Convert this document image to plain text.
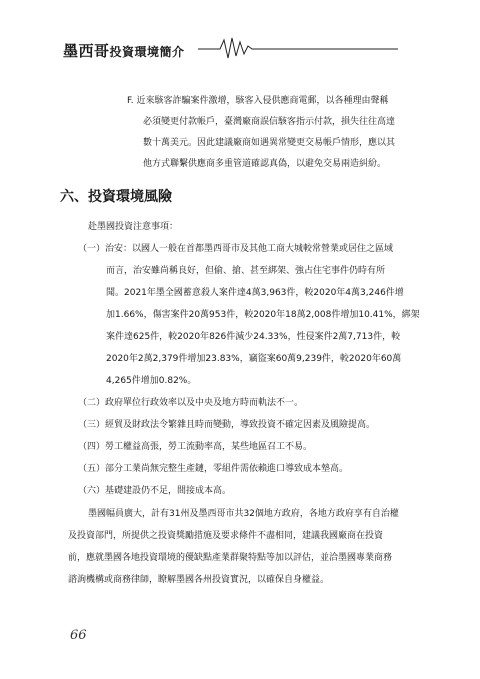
墨西哥投資環境簡介
F. 近來駭客詐騙案件激增，駭客入侵供應商電郵，以各種理由聲稱
必須變更付款帳戶，臺灣廠商誤信駭客指示付款，損失往往高達
數十萬美元。因此建議廠商如遇異常變更交易帳戶情形，應以其
他方式聯繫供應商多重管道確認真偽，以避免交易兩造糾紛。
六、投資環境風險
赴墨國投資注意事項：
（一）治安：以國人一般在首都墨西哥市及其他工商大城較常營業或居住之區域
而言，治安雖尚稱良好，但偷、搶、甚至綁架、強占住宅事件仍時有所
聞。2021年墨全國蓄意殺人案件達4萬3,963件，較2020年4萬3,246件增
加1.66%，傷害案件20萬953件，較2020年18萬2,008件增加10.41%，綁架
案件達625件，較2020年826件減少24.33%，性侵案件2萬7,713件，較
2020年2萬2,379件增加23.83%，竊盜案60萬9,239件，較2020年60萬
4,265件增加0.82%。
（二）政府單位行政效率以及中央及地方時而軌法不一。
（三）經貿及財政法令繁雜且時而變動，導致投資不確定因素及風險提高。
（四）勞工權益高張，勞工流動率高，某些地區召工不易。
（五）部分工業尚無完整生產鏈，零組件需依賴進口導致成本墊高。
（六）基礎建設仍不足，間接成本高。
墨國幅員廣大，計有31州及墨西哥市共32個地方政府，各地方政府享有自治權
及投資部門，所提供之投資獎勵措施及要求條件不盡相同，建議我國廠商在投資
前，應就墨國各地投資環境的優缺點產業群聚特點等加以評估，並洽墨國專業商務
諮詢機構或商務律師，瞭解墨國各州投資實況，以確保自身權益。
66
